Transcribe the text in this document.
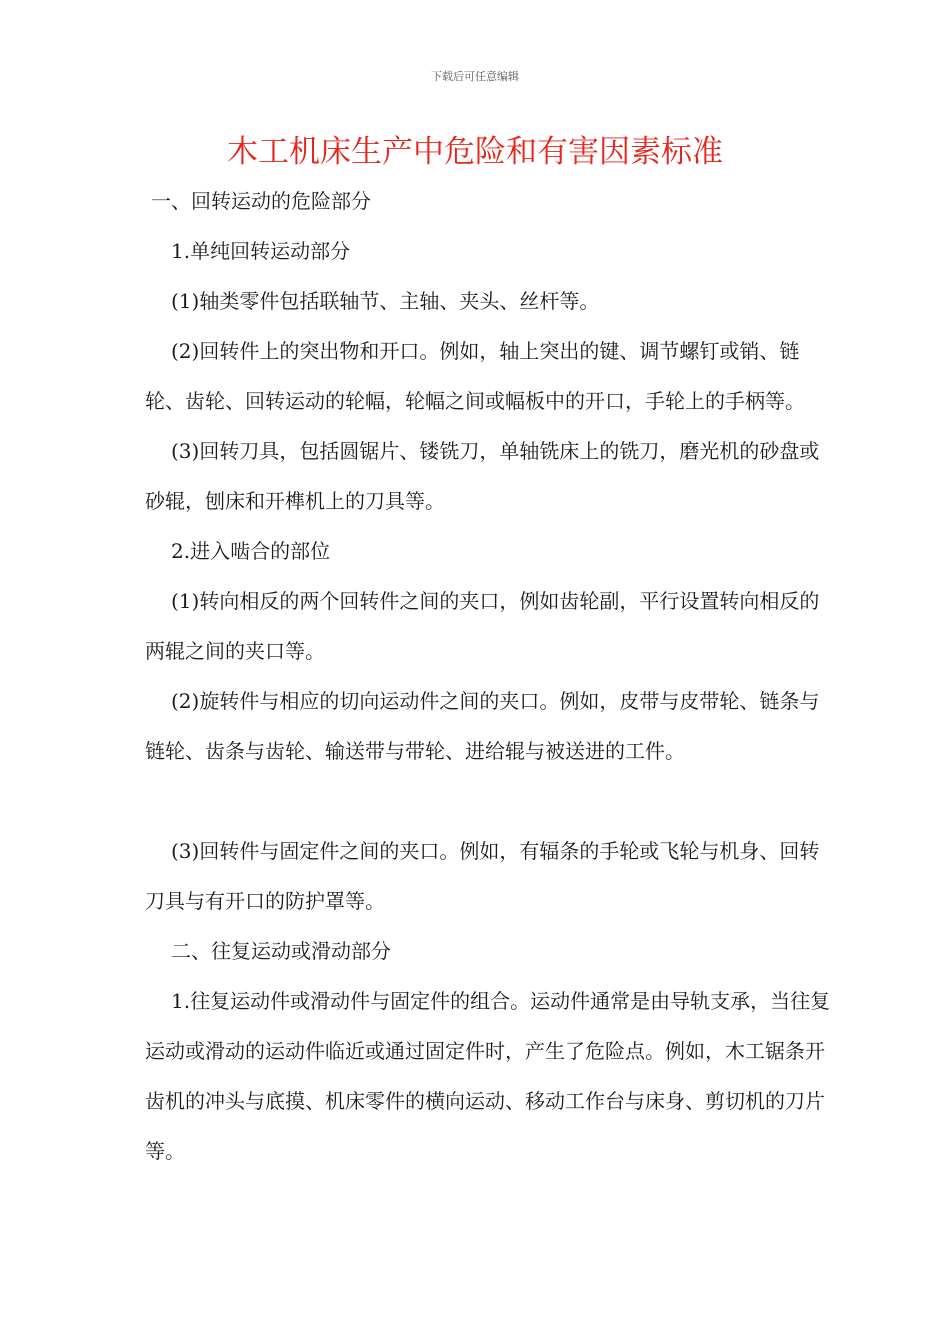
下载后可任意编辑
木工机床生产中危险和有害因素标准

一、回转运动的危险部分

1.单纯回转运动部分

(1)轴类零件包括联轴节、主轴、夹头、丝杆等。

(2)回转件上的突出物和开口。例如，轴上突出的键、调节螺钉或销、链轮、齿轮、回转运动的轮幅，轮幅之间或幅板中的开口，手轮上的手柄等。

(3)回转刀具，包括圆锯片、镂铣刀，单轴铣床上的铣刀，磨光机的砂盘或砂辊，刨床和开榫机上的刀具等。

2.进入啮合的部位

(1)转向相反的两个回转件之间的夹口，例如齿轮副，平行设置转向相反的两辊之间的夹口等。

(2)旋转件与相应的切向运动件之间的夹口。例如，皮带与皮带轮、链条与链轮、齿条与齿轮、输送带与带轮、进给辊与被送进的工件。

(3)回转件与固定件之间的夹口。例如，有辐条的手轮或飞轮与机身、回转刀具与有开口的防护罩等。

二、往复运动或滑动部分

1.往复运动件或滑动件与固定件的组合。运动件通常是由导轨支承，当往复运动或滑动的运动件临近或通过固定件时，产生了危险点。例如，木工锯条开齿机的冲头与底摸、机床零件的横向运动、移动工作台与床身、剪切机的刀片等。
